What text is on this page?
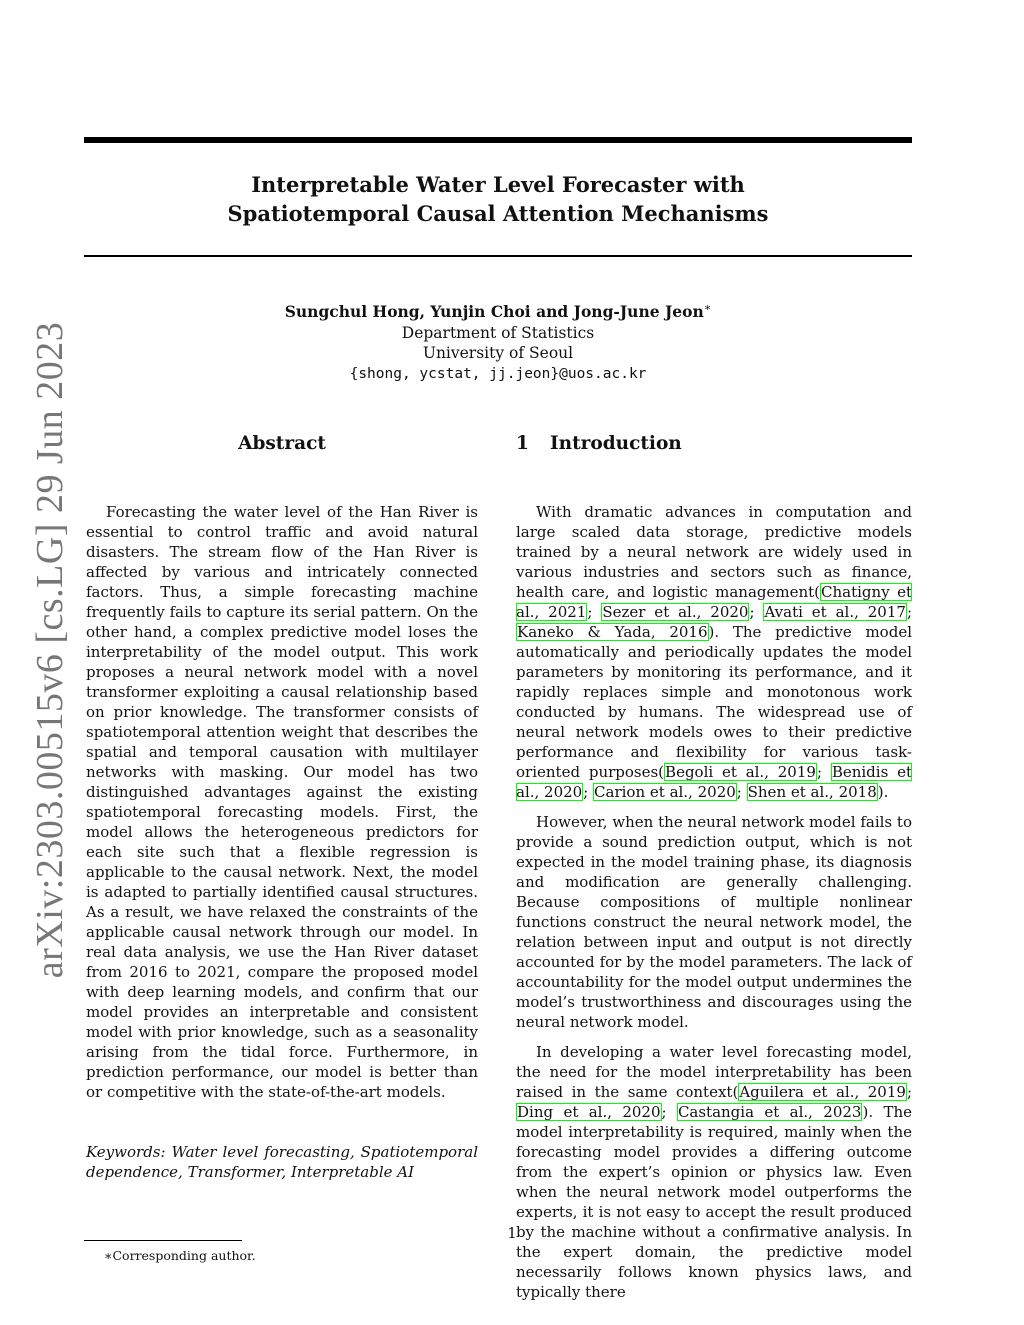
Interpretable Water Level Forecaster with
Spatiotemporal Causal Attention Mechanisms
Sungchul Hong, Yunjin Choi and Jong-June Jeon∗
Department of Statistics
University of Seoul
{shong, ycstat, jj.jeon}@uos.ac.kr
arXiv:2303.00515v6 [cs.LG] 29 Jun 2023	Abstract

Forecasting the water level of the Han River is essential to control traffic and avoid natural disasters. The stream flow of the Han River is affected by various and intricately connected factors. Thus, a simple forecasting machine frequently fails to capture its serial pattern. On the other hand, a complex predictive model loses the interpretability of the model output. This work proposes a neural network model with a novel transformer exploiting a causal relationship based on prior knowledge. The transformer consists of spatiotemporal attention weight that describes the spatial and temporal causation with multilayer networks with masking. Our model has two distinguished advantages against the existing spatiotemporal forecasting models. First, the model allows the heterogeneous predictors for each site such that a flexible regression is applicable to the causal network. Next, the model is adapted to partially identified causal structures. As a result, we have relaxed the constraints of the applicable causal network through our model. In real data analysis, we use the Han River dataset from 2016 to 2021, compare the proposed model with deep learning models, and confirm that our model provides an interpretable and consistent model with prior knowledge, such as a seasonality arising from the tidal force. Furthermore, in prediction performance, our model is better than or competitive with the state-of-the-art models.

Keywords: Water level forecasting, Spatiotemporal dependence, Transformer, Interpretable AI

∗Corresponding author.
1 Introduction

With dramatic advances in computation and large scaled data storage, predictive models trained by a neural network are widely used in various industries and sectors such as finance, health care, and logistic management(Chatigny et al., 2021; Sezer et al., 2020; Avati et al., 2017; Kaneko & Yada, 2016). The predictive model automatically and periodically updates the model parameters by monitoring its performance, and it rapidly replaces simple and monotonous work conducted by humans. The widespread use of neural network models owes to their predictive performance and flexibility for various task-oriented purposes(Begoli et al., 2019; Benidis et al., 2020; Carion et al., 2020; Shen et al., 2018).

However, when the neural network model fails to provide a sound prediction output, which is not expected in the model training phase, its diagnosis and modification are generally challenging. Because compositions of multiple nonlinear functions construct the neural network model, the relation between input and output is not directly accounted for by the model parameters. The lack of accountability for the model output undermines the model’s trustworthiness and discourages using the neural network model.

In developing a water level forecasting model, the need for the model interpretability has been raised in the same context(Aguilera et al., 2019; Ding et al., 2020; Castangia et al., 2023). The model interpretability is required, mainly when the forecasting model provides a differing outcome from the expert’s opinion or physics law. Even when the neural network model outperforms the experts, it is not easy to accept the result produced by the machine without a confirmative analysis. In the expert domain, the predictive model necessarily follows known physics laws, and typically there

1
